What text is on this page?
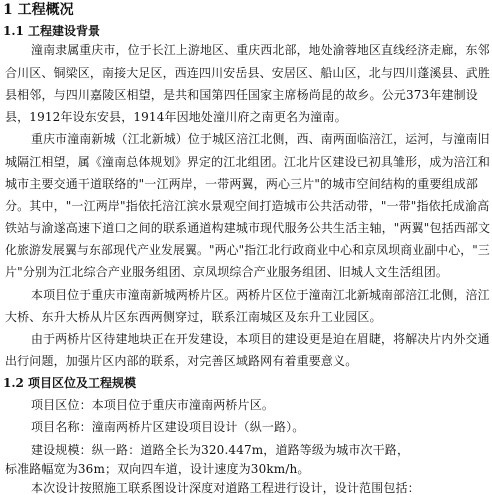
1 工程概况
1.1 工程建设背景
潼南隶属重庆市，位于长江上游地区、重庆西北部，地处渝蓉地区直线经济走廊，东邻
合川区、铜梁区，南接大足区，西连四川安岳县、安居区、船山区，北与四川蓬溪县、武胜
县相邻，与四川嘉陵区相望，是共和国第四任国家主席杨尚昆的故乡。公元373年建制设
县，1912年设东安县，1914年因地处潼川府之南更名为潼南。
重庆市潼南新城（江北新城）位于城区涪江北侧，西、南两面临涪江，运河，与潼南旧
城隔江相望，属《潼南总体规划》界定的江北组团。江北片区建设已初具雏形，成为涪江和
城市主要交通干道联络的"一江两岸，一带两翼，两心三片"的城市空间结构的重要组成部
分。其中，"一江两岸"指依托涪江滨水景观空间打造城市公共活动带，"一带"指依托成渝高
铁站与渝遂高速下道口之间的联系通道构建城市现代服务公共生活主轴，"两翼"包括西部文
化旅游发展翼与东部现代产业发展翼。"两心"指江北行政商业中心和京凤坝商业副中心，"三
片"分别为江北综合产业服务组团、京凤坝综合产业服务组团、旧城人文生活组团。
本项目位于重庆市潼南新城两桥片区。两桥片区位于潼南江北新城南部涪江北侧，涪江
大桥、东升大桥从片区东西两侧穿过，联系江南城区及东升工业园区。
由于两桥片区待建地块正在开发建设，本项目的建设更是迫在眉睫，将解决片内外交通
出行问题，加强片区内部的联系，对完善区域路网有着重要意义。
1.2 项目区位及工程规模
项目区位：本项目位于重庆市潼南两桥片区。
项目名称：潼南两桥片区建设项目设计（纵一路）。
建设规模：纵一路：道路全长为320.447m，道路等级为城市次干路，
标准路幅宽为36m；双向四车道，设计速度为30km/h。
本次设计按照施工联系图设计深度对道路工程进行设计，设计范围包括：
